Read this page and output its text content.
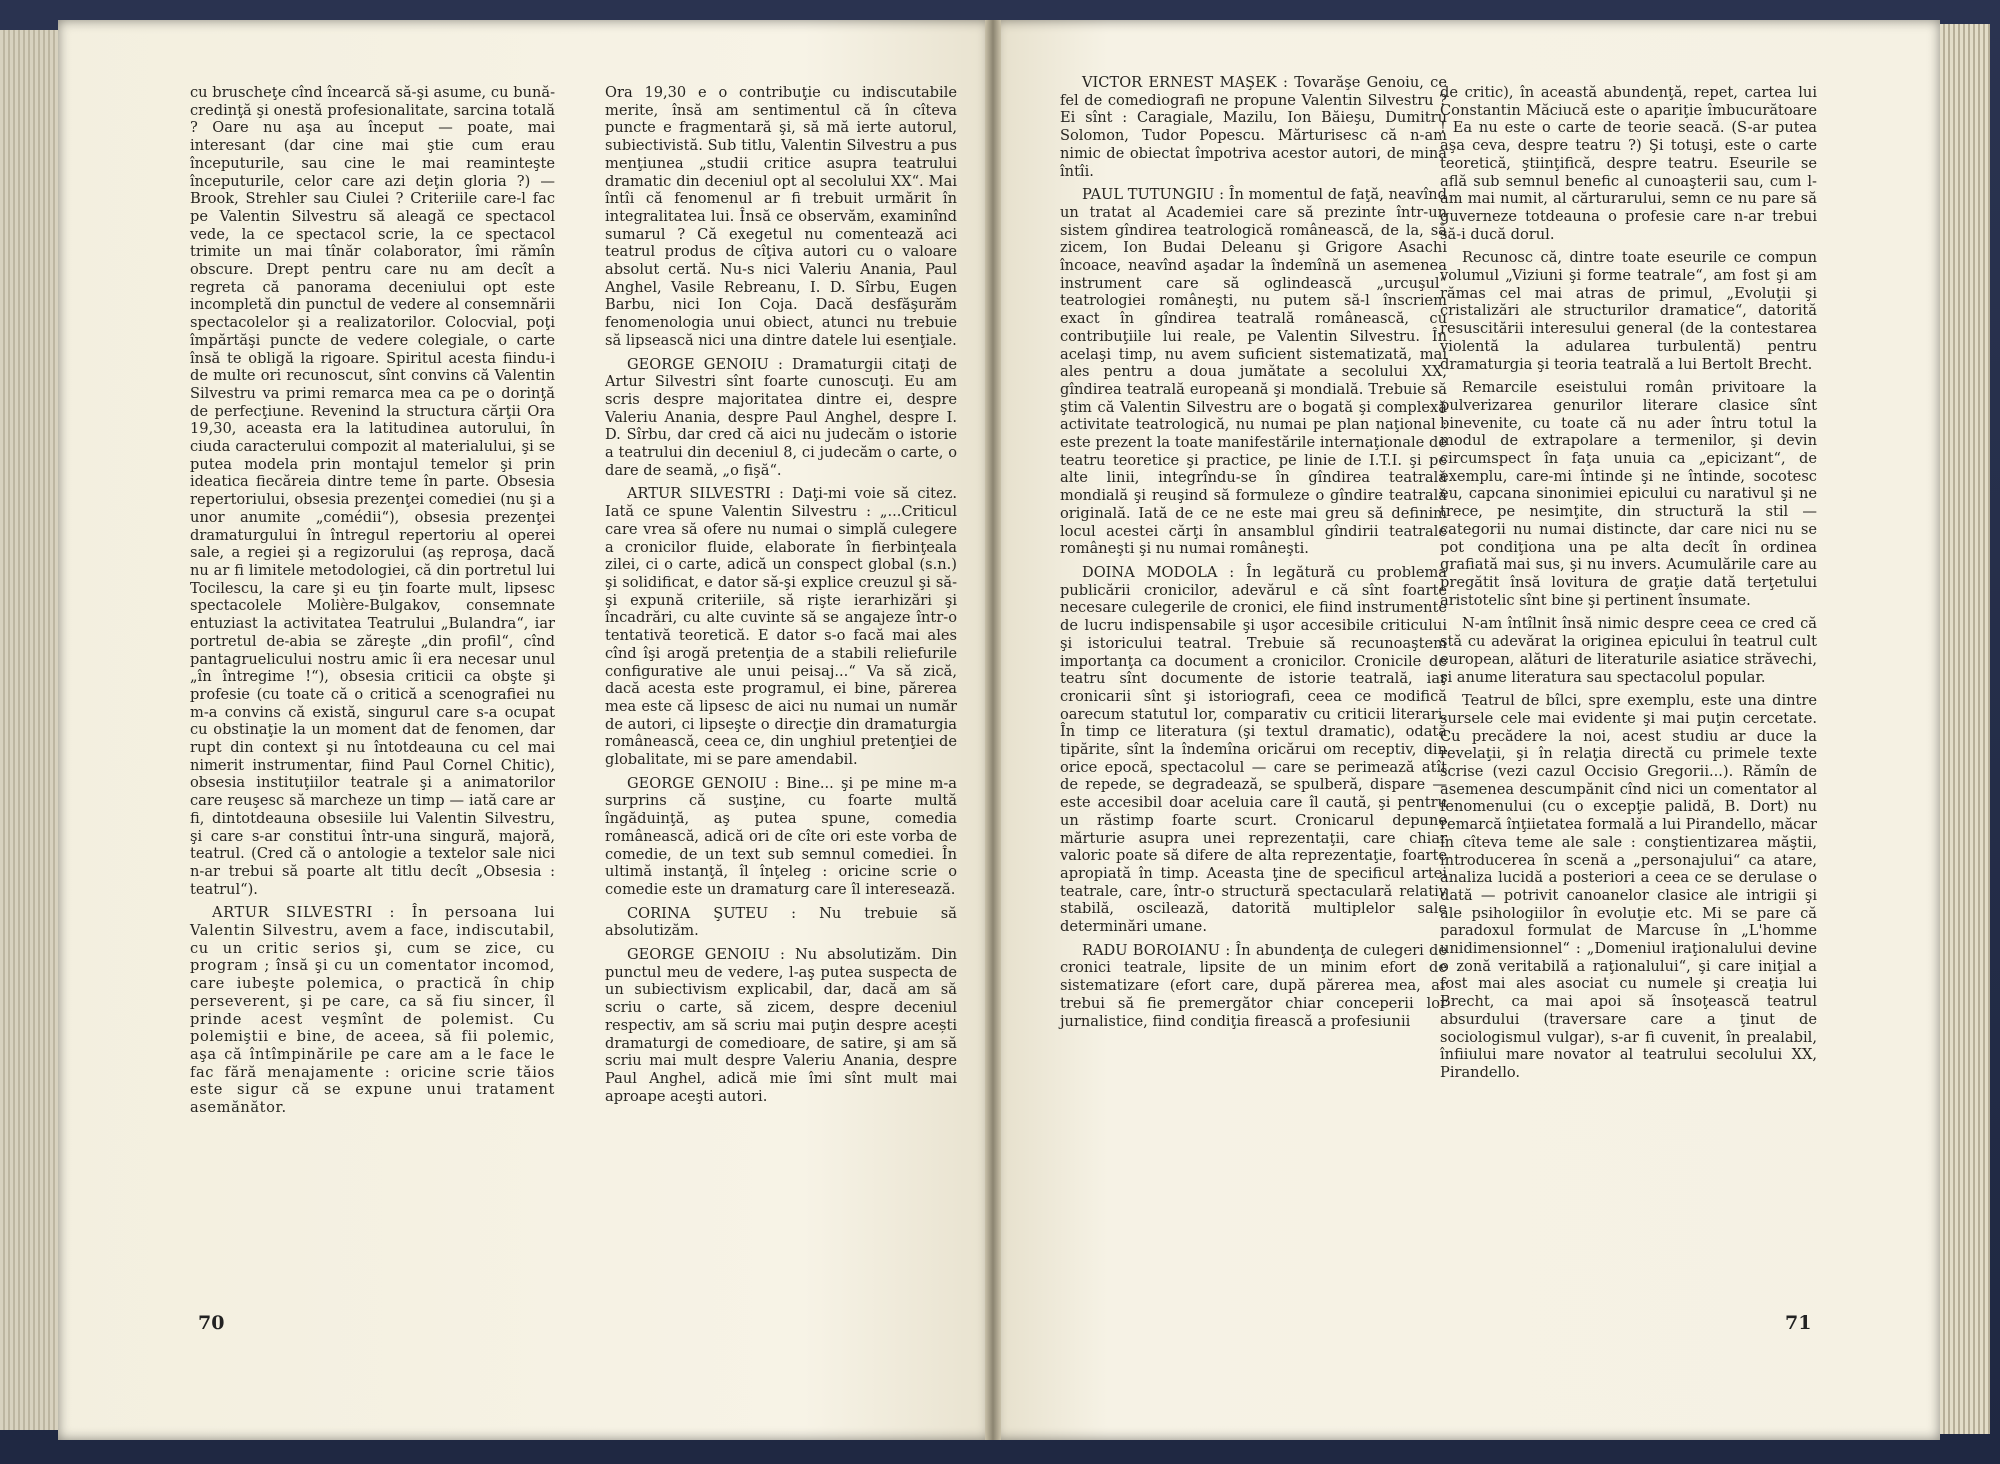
cu bruscheţe cînd încearcă să-şi asume, cu bună-credinţă şi onestă profesionalitate, sarcina totală ? Oare nu aşa au început — poate, mai interesant (dar cine mai ştie cum erau începuturile, sau cine le mai reaminteşte începuturile, celor care azi deţin gloria ?) — Brook, Strehler sau Ciulei ? Criteriile care-l fac pe Valentin Silvestru să aleagă ce spectacol vede, la ce spectacol scrie, la ce spectacol trimite un mai tînăr colaborator, îmi rămîn obscure. Drept pentru care nu am decît a regreta că panorama deceniului opt este incompletă din punctul de vedere al consemnării spectacolelor şi a realizatorilor. Colocvial, poţi împărtăşi puncte de vedere colegiale, o carte însă te obligă la rigoare. Spiritul acesta fiindu-i de multe ori recunoscut, sînt convins că Valentin Silvestru va primi remarca mea ca pe o dorinţă de perfecţiune. Revenind la structura cărţii Ora 19,30, aceasta era la latitudinea autorului, în ciuda caracterului compozit al materialului, şi se putea modela prin montajul temelor şi prin ideatica fiecăreia dintre teme în parte. Obsesia repertoriului, obsesia prezenţei comediei (nu şi a unor anumite „comédii“), obsesia prezenţei dramaturgului în întregul repertoriu al operei sale, a regiei şi a regizorului (aş reproşa, dacă nu ar fi limitele metodologiei, că din portretul lui Tocilescu, la care şi eu ţin foarte mult, lipsesc spectacolele Molière-Bulgakov, consemnate entuziast la activitatea Teatrului „Bulandra“, iar portretul de-abia se zăreşte „din profil“, cînd pantagruelicului nostru amic îi era necesar unul „în întregime !“), obsesia criticii ca obşte şi profesie (cu toate că o critică a scenografiei nu m-a convins că există, singurul care s-a ocupat cu obstinaţie la un moment dat de fenomen, dar rupt din context şi nu întotdeauna cu cel mai nimerit instrumentar, fiind Paul Cornel Chitic), obsesia instituţiilor teatrale şi a animatorilor care reuşesc să marcheze un timp — iată care ar fi, dintotdeauna obsesiile lui Valentin Silvestru, şi care s-ar constitui într-una singură, majoră, teatrul. (Cred că o antologie a textelor sale nici n-ar trebui să poarte alt titlu decît „Obsesia : teatrul“).

ARTUR SILVESTRI : În persoana lui Valentin Silvestru, avem a face, indiscutabil, cu un critic serios şi, cum se zice, cu program ; însă şi cu un comentator incomod, care iubeşte polemica, o practică în chip perseverent, şi pe care, ca să fiu sincer, îl prinde acest veşmînt de polemist. Cu polemiştii e bine, de aceea, să fii polemic, aşa că întîmpinările pe care am a le face le fac fără menajamente : oricine scrie tăios este sigur că se expune unui tratament asemănător.

Ora 19,30 e o contribuţie cu indiscutabile merite, însă am sentimentul că în cîteva puncte e fragmentară şi, să mă ierte autorul, subiectivistă. Sub titlu, Valentin Silvestru a pus menţiunea „studii critice asupra teatrului dramatic din deceniul opt al secolului XX“. Mai întîi că fenomenul ar fi trebuit urmărit în integralitatea lui. Însă ce observăm, examinînd sumarul ? Că exegetul nu comentează aci teatrul produs de cîţiva autori cu o valoare absolut certă. Nu-s nici Valeriu Anania, Paul Anghel, Vasile Rebreanu, I. D. Sîrbu, Eugen Barbu, nici Ion Coja. Dacă desfăşurăm fenomenologia unui obiect, atunci nu trebuie să lipsească nici una dintre datele lui esenţiale.

GEORGE GENOIU : Dramaturgii citaţi de Artur Silvestri sînt foarte cunoscuţi. Eu am scris despre majoritatea dintre ei, despre Valeriu Anania, despre Paul Anghel, despre I. D. Sîrbu, dar cred că aici nu judecăm o istorie a teatrului din deceniul 8, ci judecăm o carte, o dare de seamă, „o fişă“.

ARTUR SILVESTRI : Daţi-mi voie să citez. Iată ce spune Valentin Silvestru : „...Criticul care vrea să ofere nu numai o simplă culegere a cronicilor fluide, elaborate în fierbinţeala zilei, ci o carte, adică un conspect global (s.n.) şi solidificat, e dator să-şi explice creuzul şi să-şi expună criteriile, să rişte ierarhizări şi încadrări, cu alte cuvinte să se angajeze într-o tentativă teoretică. E dator s-o facă mai ales cînd îşi arogă pretenţia de a stabili reliefurile configurative ale unui peisaj...“ Va să zică, dacă acesta este programul, ei bine, părerea mea este că lipsesc de aici nu numai un număr de autori, ci lipseşte o direcţie din dramaturgia românească, ceea ce, din unghiul pretenţiei de globalitate, mi se pare amendabil.

GEORGE GENOIU : Bine... şi pe mine m-a surprins că susţine, cu foarte multă îngăduinţă, aş putea spune, comedia românească, adică ori de cîte ori este vorba de comedie, de un text sub semnul comediei. În ultimă instanţă, îl înţeleg : oricine scrie o comedie este un dramaturg care îl interesează.

CORINA ŞUTEU : Nu trebuie să absolutizăm.

GEORGE GENOIU : Nu absolutizăm. Din punctul meu de vedere, l-aş putea suspecta de un subiectivism explicabil, dar, dacă am să scriu o carte, să zicem, despre deceniul respectiv, am să scriu mai puţin despre acești dramaturgi de comedioare, de satire, şi am să scriu mai mult despre Valeriu Anania, despre Paul Anghel, adică mie îmi sînt mult mai aproape aceşti autori.

70

VICTOR ERNEST MAŞEK : Tovarăşe Genoiu, ce fel de comediografi ne propune Valentin Silvestru ? Ei sînt : Caragiale, Mazilu, Ion Băieşu, Dumitru Solomon, Tudor Popescu. Mărturisesc că n-am nimic de obiectat împotriva acestor autori, de mina întîi.

PAUL TUTUNGIU : În momentul de faţă, neavînd un tratat al Academiei care să prezinte într-un sistem gîndirea teatrologică românească, de la, să zicem, Ion Budai Deleanu şi Grigore Asachi încoace, neavînd aşadar la îndemînă un asemenea instrument care să oglindească „urcuşul“ teatrologiei româneşti, nu putem să-l înscriem exact în gîndirea teatrală românească, cu contribuţiile lui reale, pe Valentin Silvestru. În acelaşi timp, nu avem suficient sistematizată, mai ales pentru a doua jumătate a secolului XX, gîndirea teatrală europeană şi mondială. Trebuie să ştim că Valentin Silvestru are o bogată şi complexă activitate teatrologică, nu numai pe plan naţional : este prezent la toate manifestările internaţionale de teatru teoretice şi practice, pe linie de I.T.I. şi pe alte linii, integrîndu-se în gîndirea teatrală mondială şi reuşind să formuleze o gîndire teatrală originală. Iată de ce ne este mai greu să definim locul acestei cărţi în ansamblul gîndirii teatrale româneşti şi nu numai româneşti.

DOINA MODOLA : În legătură cu problema publicării cronicilor, adevărul e că sînt foarte necesare culegerile de cronici, ele fiind instrumente de lucru indispensabile şi uşor accesibile criticului şi istoricului teatral. Trebuie să recunoaştem importanţa ca document a cronicilor. Cronicile de teatru sînt documente de istorie teatrală, iar cronicarii sînt şi istoriografi, ceea ce modifică oarecum statutul lor, comparativ cu criticii literari. În timp ce literatura (şi textul dramatic), odată tipărite, sînt la îndemîna oricărui om receptiv, din orice epocă, spectacolul — care se perimează atît de repede, se degradează, se spulberă, dispare — este accesibil doar aceluia care îl caută, şi pentru un răstimp foarte scurt. Cronicarul depune mărturie asupra unei reprezentaţii, care chiar valoric poate să difere de alta reprezentaţie, foarte apropiată în timp. Aceasta ţine de specificul artei teatrale, care, într-o structură spectaculară relativ stabilă, oscilează, datorită multiplelor sale determinări umane.

RADU BOROIANU : În abundenţa de culegeri de cronici teatrale, lipsite de un minim efort de sistematizare (efort care, după părerea mea, ar trebui să fie premergător chiar conceperii lor jurnalistice, fiind condiţia firească a profesiunii

de critic), în această abundenţă, repet, cartea lui Constantin Măciucă este o apariţie îmbucurătoare ! Ea nu este o carte de teorie seacă. (S-ar putea aşa ceva, despre teatru ?) Şi totuşi, este o carte teoretică, ştiinţifică, despre teatru. Eseurile se află sub semnul benefic al cunoaşterii sau, cum l-am mai numit, al cărturarului, semn ce nu pare să guverneze totdeauna o profesie care n-ar trebui să-i ducă dorul.

Recunosc că, dintre toate eseurile ce compun volumul „Viziuni şi forme teatrale“, am fost şi am rămas cel mai atras de primul, „Evoluţii şi cristalizări ale structurilor dramatice“, datorită resuscitării interesului general (de la contestarea violentă la adularea turbulentă) pentru dramaturgia şi teoria teatrală a lui Bertolt Brecht.

Remarcile eseistului român privitoare la pulverizarea genurilor literare clasice sînt binevenite, cu toate că nu ader întru totul la modul de extrapolare a termenilor, şi devin circumspect în faţa unuia ca „epicizant“, de exemplu, care-mi întinde şi ne întinde, socotesc eu, capcana sinonimiei epicului cu narativul şi ne trece, pe nesimţite, din structură la stil — categorii nu numai distincte, dar care nici nu se pot condiţiona una pe alta decît în ordinea grafiată mai sus, şi nu invers. Acumulările care au pregătit însă loviturа de graţie dată terţetului aristotelic sînt bine şi pertinent însumate.

N-am întîlnit însă nimic despre ceea ce cred că stă cu adevărat la originea epicului în teatrul cult european, alături de literaturile asiatice străvechi, şi anume literatura sau spectacolul popular.

Teatrul de bîlci, spre exemplu, este una dintre sursele cele mai evidente şi mai puţin cercetate. Cu precădere la noi, acest studiu ar duce la revelaţii, şi în relaţia directă cu primele texte scrise (vezi cazul Occisio Gregorii...). Rămîn de asemenea descumpănit cînd nici un comentator al fenomenului (cu o excepţie palidă, B. Dort) nu remarcă înţiietatea formală a lui Pirandello, măcar în cîteva teme ale sale : conştientizarea măştii, introducerea în scenă a „personajului“ ca atare, analiza lucidă a posteriori a ceea ce se derulase o dată — potrivit canoanelor clasice ale intrigii şi ale psihologiilor în evoluţie etc. Mi se pare că paradoxul formulat de Marcuse în „L'homme unidimensionnel“ : „Domeniul iraţionalului devine o zonă veritabilă a raţionalului“, şi care iniţial a fost mai ales asociat cu numele şi creaţia lui Brecht, ca mai apoi să însoţească teatrul absurdului (traversare care a ţinut de sociologismul vulgar), s-ar fi cuvenit, în prealabil, înfiiului mare novator al teatrului secolului XX, Pirandello.

71
